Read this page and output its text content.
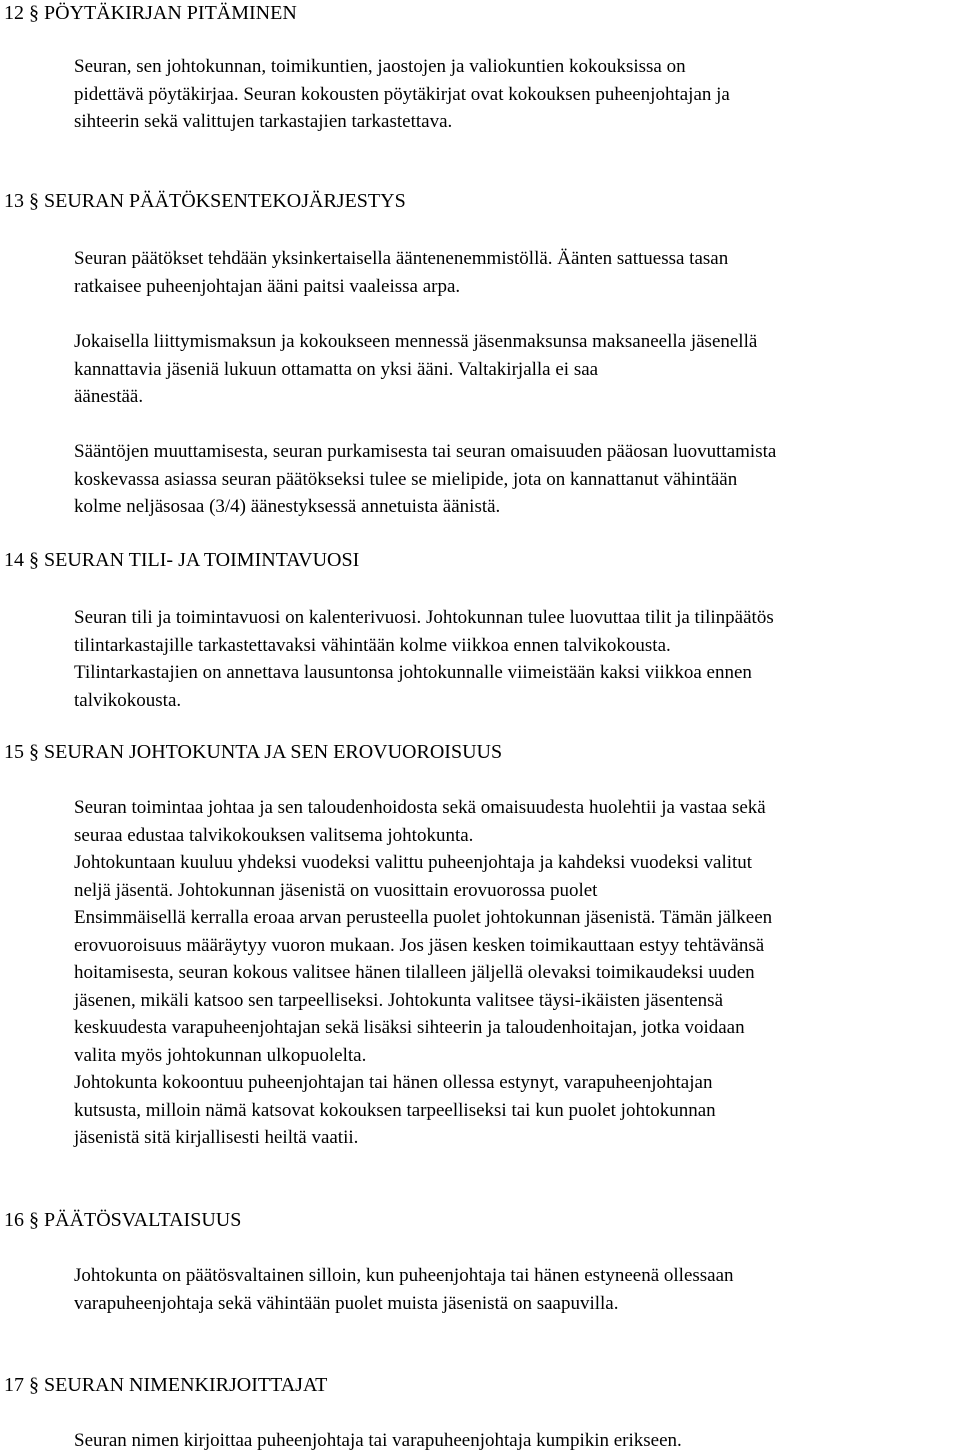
12 § PÖYTÄKIRJAN PITÄMINEN

Seuran, sen johtokunnan, toimikuntien, jaostojen ja valiokuntien kokouksissa on
pidettävä pöytäkirjaa. Seuran kokousten pöytäkirjat ovat kokouksen puheenjohtajan ja
sihteerin sekä valittujen tarkastajien tarkastettava.

13 § SEURAN PÄÄTÖKSENTEKOJÄRJESTYS

Seuran päätökset tehdään yksinkertaisella ääntenenemmistöllä. Äänten sattuessa tasan
ratkaisee puheenjohtajan ääni paitsi vaaleissa arpa.

Jokaisella liittymismaksun ja kokoukseen mennessä jäsenmaksunsa maksaneella jäsenellä
kannattavia jäseniä lukuun ottamatta on yksi ääni. Valtakirjalla ei saa
äänestää.

Sääntöjen muuttamisesta, seuran purkamisesta tai seuran omaisuuden pääosan luovuttamista
koskevassa asiassa seuran päätökseksi tulee se mielipide, jota on kannattanut vähintään
kolme neljäsosaa (3/4) äänestyksessä annetuista äänistä.

14 § SEURAN TILI- JA TOIMINTAVUOSI

Seuran tili ja toimintavuosi on kalenterivuosi. Johtokunnan tulee luovuttaa tilit ja tilinpäätös
tilintarkastajille tarkastettavaksi vähintään kolme viikkoa ennen talvikokousta.
Tilintarkastajien on annettava lausuntonsa johtokunnalle viimeistään kaksi viikkoa ennen
talvikokousta.

15 § SEURAN JOHTOKUNTA JA SEN EROVUOROISUUS

Seuran toimintaa johtaa ja sen taloudenhoidosta sekä omaisuudesta huolehtii ja vastaa sekä
seuraa edustaa talvikokouksen valitsema johtokunta.
Johtokuntaan kuuluu yhdeksi vuodeksi valittu puheenjohtaja ja kahdeksi vuodeksi valitut
neljä jäsentä. Johtokunnan jäsenistä on vuosittain erovuorossa puolet
Ensimmäisellä kerralla eroaa arvan perusteella puolet johtokunnan jäsenistä. Tämän jälkeen
erovuoroisuus määräytyy vuoron mukaan. Jos jäsen kesken toimikauttaan estyy tehtävänsä
hoitamisesta, seuran kokous valitsee hänen tilalleen jäljellä olevaksi toimikaudeksi uuden
jäsenen, mikäli katsoo sen tarpeelliseksi. Johtokunta valitsee täysi-ikäisten jäsentensä
keskuudesta varapuheenjohtajan sekä lisäksi sihteerin ja taloudenhoitajan, jotka voidaan
valita myös johtokunnan ulkopuolelta.
Johtokunta kokoontuu puheenjohtajan tai hänen ollessa estynyt, varapuheenjohtajan
kutsusta, milloin nämä katsovat kokouksen tarpeelliseksi tai kun puolet johtokunnan
jäsenistä sitä kirjallisesti heiltä vaatii.

16 § PÄÄTÖSVALTAISUUS

Johtokunta on päätösvaltainen silloin, kun puheenjohtaja tai hänen estyneenä ollessaan
varapuheenjohtaja sekä vähintään puolet muista jäsenistä on saapuvilla.

17 § SEURAN NIMENKIRJOITTAJAT

Seuran nimen kirjoittaa puheenjohtaja tai varapuheenjohtaja kumpikin erikseen.
